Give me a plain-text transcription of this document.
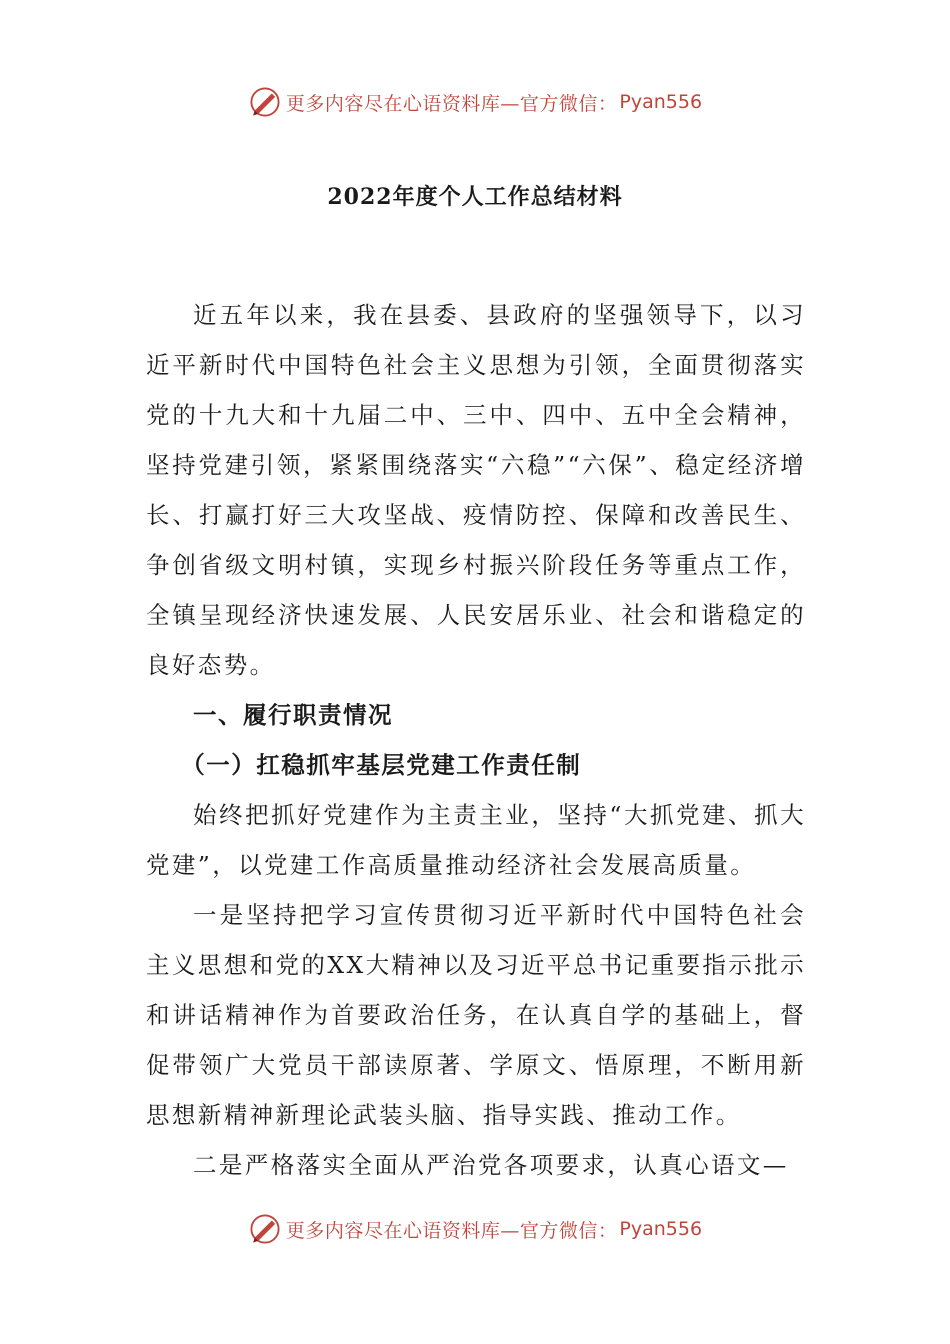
更多内容尽在心语资料库—官方微信： Pyan556
2022年度个人工作总结材料

近五年以来，我在县委、县政府的坚强领导下，以习近平新时代中国特色社会主义思想为引领，全面贯彻落实党的十九大和十九届二中、三中、四中、五中全会精神，坚持党建引领，紧紧围绕落实“六稳”“六保”、稳定经济增长、打赢打好三大攻坚战、疫情防控、保障和改善民生、争创省级文明村镇，实现乡村振兴阶段任务等重点工作，全镇呈现经济快速发展、人民安居乐业、社会和谐稳定的良好态势。

一、履行职责情况

（一）扛稳抓牢基层党建工作责任制

始终把抓好党建作为主责主业，坚持“大抓党建、抓大党建”，以党建工作高质量推动经济社会发展高质量。

一是坚持把学习宣传贯彻习近平新时代中国特色社会主义思想和党的XX大精神以及习近平总书记重要指示批示和讲话精神作为首要政治任务，在认真自学的基础上，督促带领广大党员干部读原著、学原文、悟原理，不断用新思想新精神新理论武装头脑、指导实践、推动工作。

二是严格落实全面从严治党各项要求，认真心语文—

更多内容尽在心语资料库—官方微信： Pyan556
